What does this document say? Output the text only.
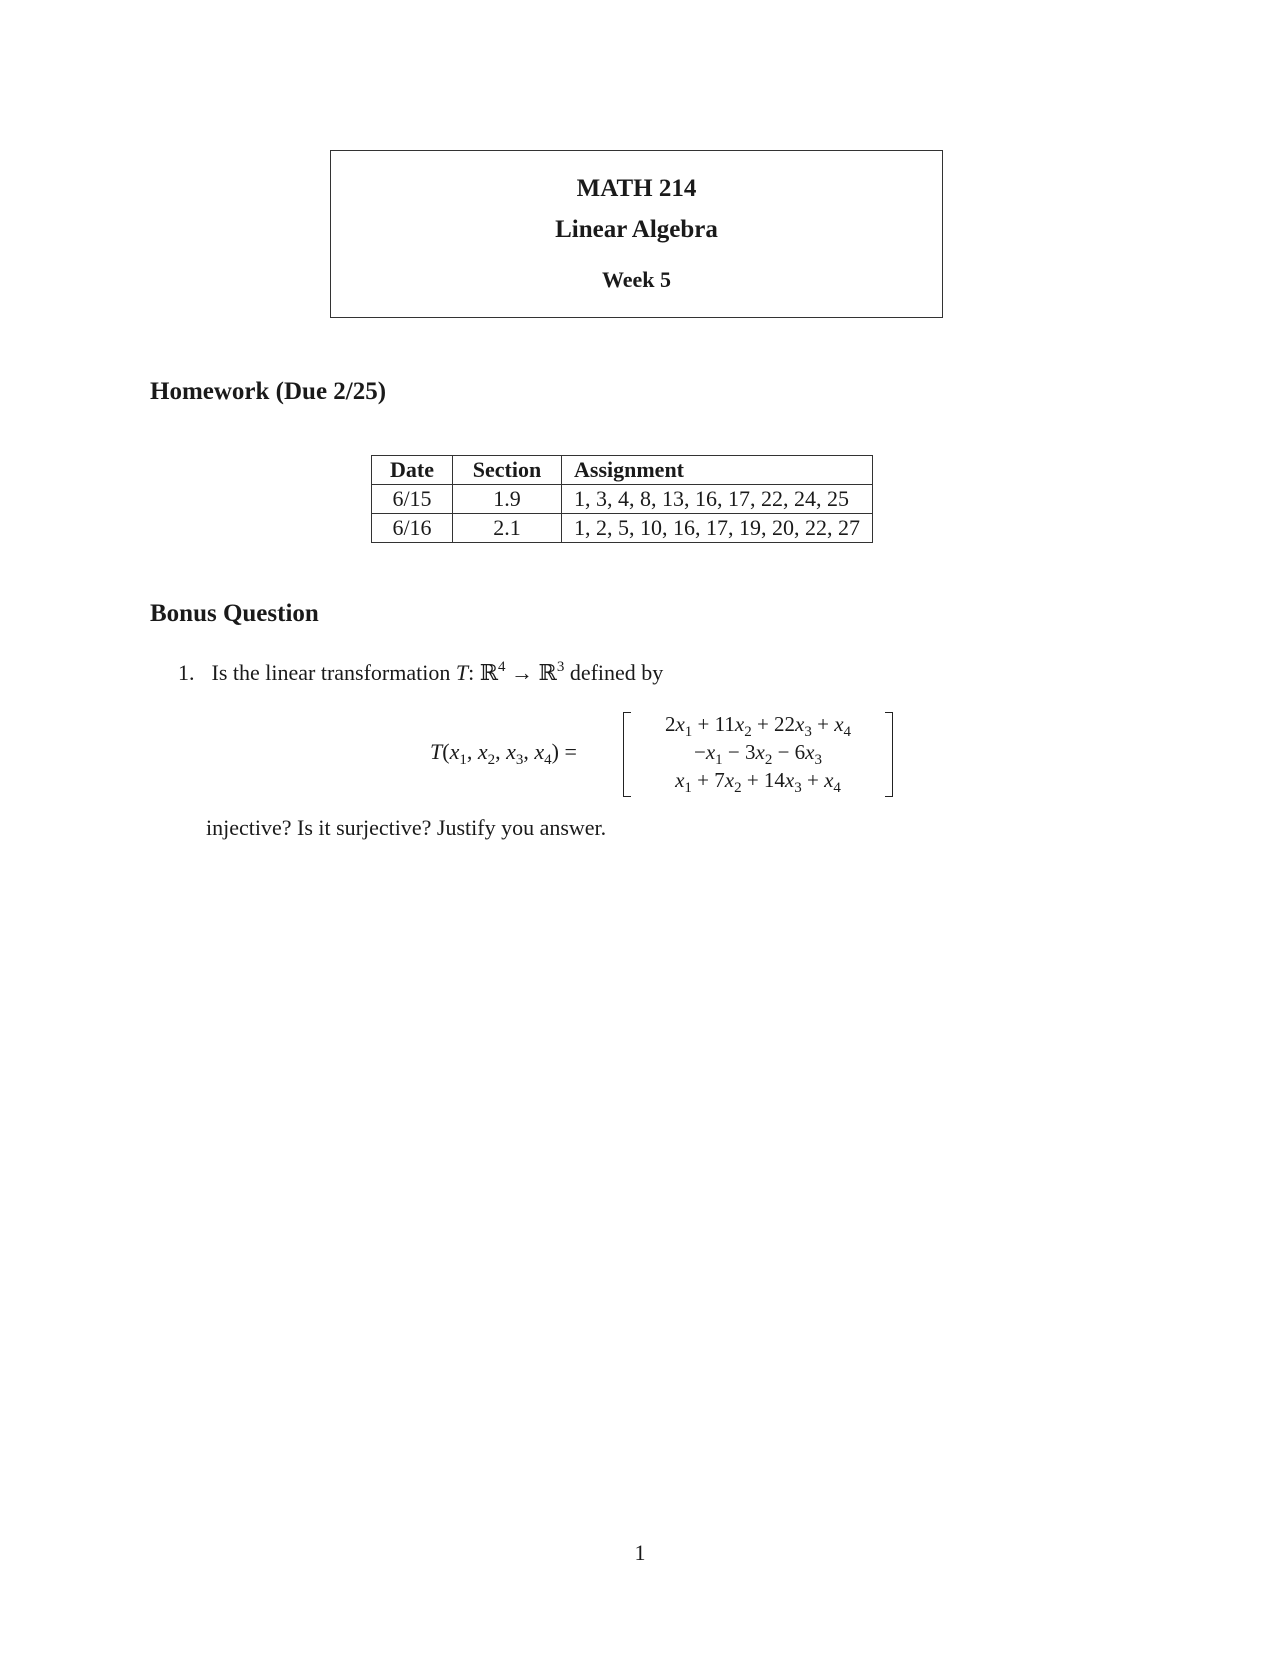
MATH 214
Linear Algebra
Week 5
Homework (Due 2/25)
Date	Section	Assignment
6/15	1.9	1, 3, 4, 8, 13, 16, 17, 22, 24, 25
6/16	2.1	1, 2, 5, 10, 16, 17, 19, 20, 22, 27
Bonus Question
1. Is the linear transformation T: ℝ$^4$ → ℝ$^3$ defined by
$T(x_1$, $x_2$, $x_3$, $x_4$) =
$2x_1 + 11x_2 + 22x_3 + x_4$
$-x_1 - 3x_2 - 6x_3$
$x_1 + 7x_2 + 14x_3 + x_4$
injective? Is it surjective? Justify you answer.
1
